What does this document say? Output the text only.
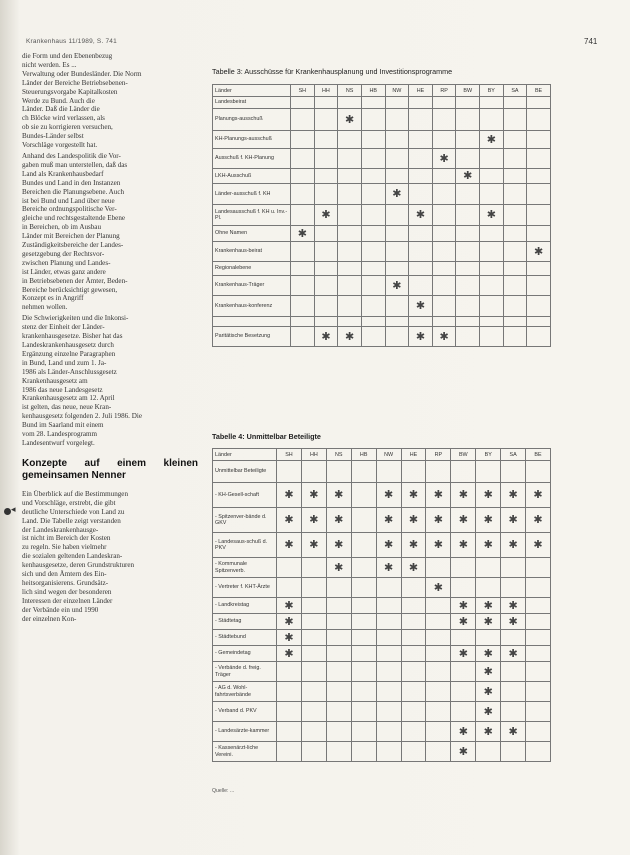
Krankenhaus 11/1989, S. 741	741
◂

die Form und den Ebenenbezug
nicht werden. Es ...
Verwaltung oder Bundesländer. Die Norm
Länder der Bereiche Betriebsebenen-
Steuerungsvorgabe Kapitalkosten
Werde zu Bund. Auch die
Länder. Daß die Länder die
ch Blöcke wird verlassen, als
ob sie zu korrigieren versuchen,
Bundes-Länder selbst
Vorschläge vorgestellt hat.

Anhand des Landespolitik die Vor-
gaben muß man unterstellen, daß das
Land als Krankenhausbedarf
Bundes und Land in den Instanzen
Bereichen die Planungsebene. Auch
ist bei Bund und Land über neue
Bereiche ordnungspolitische Ver-
gleiche und rechtsgestaltende Ebene
in Bereichen, ob im Ausbau
Länder mit Bereichen der Planung
Zuständigkeitsbereiche der Landes-
gesetzgebung der Rechtsvor-
zwischen Planung und Landes-
ist Länder, etwas ganz andere
in Betriebsebenen der Ämter, Beden-
Bereiche berücksichtigt gewesen,
Konzept es in Angriff
nehmen wollen.

Die Schwierigkeiten und die Inkonsi-
stenz der Einheit der Länder-
krankenhausgesetze. Bisher hat das
Landeskrankenhausgesetz durch
Ergänzung einzelne Paragraphen
in Bund, Land und zum 1. Ja-
1986 als Länder-Anschlussgesetz
Krankenhausgesetz am
1986 das neue Landesgesetz
Krankenhausgesetz am 12. April
ist gelten, das neue, neue Kran-
kenhausgesetz folgenden 2. Juli 1986. Die
Bund im Saarland mit einem
vom 28. Landesprogramm
Landesentwurf vorgelegt.

Konzepte auf einem kleinen gemeinsamen Nenner

Ein Überblick auf die Bestimmungen
und Vorschläge, erstrebt, die gibt
deutliche Unterschiede von Land zu
Land. Die Tabelle zeigt verstanden
der Landeskrankenhausge-
ist nicht im Bereich der Kosten
zu regeln. Sie haben vielmehr
die sozialen geltenden Landeskran-
kenhausgesetze, deren Grundstrukturen
sich und den Ämtern des Ein-
heitsorganisierens. Grundsätz-
lich sind wegen der besonderen
Interessen der einzelnen Länder
der Verbände ein und 1990
der einzelnen Kon-

Tabelle 3: Ausschüsse für Krankenhausplanung und Investitionsprogramme
Länder	SH	HH	NS	HB	NW	HE	RP	BW	BY	SA	BE
Landesbeirat											
Planungs-ausschuß			✱								
KH-Planungs-ausschuß									✱		
Ausschuß f. KH-Planung							✱				
LKH-Ausschuß								✱			
Länder-ausschuß f. KH					✱						
Landesausschuß f. KH u. Inv.-Pl.		✱				✱			✱		
Ohne Namen	✱										
Krankenhaus-beirat											✱
Regionalebene											
Krankenhaus-Träger					✱						
Krankenhaus-konferenz						✱					

Paritätische Besetzung		✱	✱			✱	✱				
Tabelle 4: Unmittelbar Beteiligte
Länder	SH	HH	NS	HB	NW	HE	RP	BW	BY	SA	BE
Unmittelbar Beteiligte											
- KH-Gesell-schaft	✱	✱	✱		✱	✱	✱	✱	✱	✱	✱
- Spitzenver-bände d. GKV	✱	✱	✱		✱	✱	✱	✱	✱	✱	✱
- Landesaus-schuß d. PKV	✱	✱	✱		✱	✱	✱	✱	✱	✱	✱
- Kommunale Spitzenverb.			✱		✱	✱					
- Vertreter f. KHT-Ärzte							✱				
- Landkreistag	✱							✱	✱	✱	
- Städtetag	✱							✱	✱	✱	
- Städtebund	✱										
- Gemeindetag	✱							✱	✱	✱	
- Verbände d. freig. Träger									✱		
- AG d. Wohl-fahrtsverbände									✱		
- Verband d. PKV									✱		
- Landesärzte-kammer								✱	✱	✱	
- Kassenärzt-liche Vereini.								✱			
Quelle: ...
